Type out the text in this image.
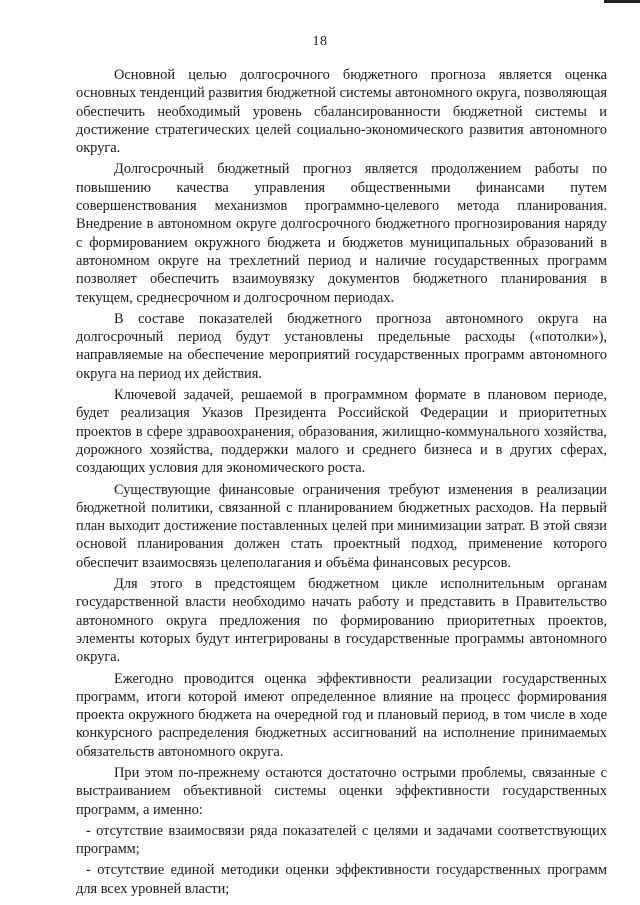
18

Основной целью долгосрочного бюджетного прогноза является оценка основных тенденций развития бюджетной системы автономного округа, позволяющая обеспечить необходимый уровень сбалансированности бюджетной системы и достижение стратегических целей социально-экономического развития автономного округа.

Долгосрочный бюджетный прогноз является продолжением работы по повышению качества управления общественными финансами путем совершенствования механизмов программно-целевого метода планирования. Внедрение в автономном округе долгосрочного бюджетного прогнозирования наряду с формированием окружного бюджета и бюджетов муниципальных образований в автономном округе на трехлетний период и наличие государственных программ позволяет обеспечить взаимоувязку документов бюджетного планирования в текущем, среднесрочном и долгосрочном периодах.

В составе показателей бюджетного прогноза автономного округа на долгосрочный период будут установлены предельные расходы («потолки»), направляемые на обеспечение мероприятий государственных программ автономного округа на период их действия.

Ключевой задачей, решаемой в программном формате в плановом периоде, будет реализация Указов Президента Российской Федерации и приоритетных проектов в сфере здравоохранения, образования, жилищно-коммунального хозяйства, дорожного хозяйства, поддержки малого и среднего бизнеса и в других сферах, создающих условия для экономического роста.

Существующие финансовые ограничения требуют изменения в реализации бюджетной политики, связанной с планированием бюджетных расходов. На первый план выходит достижение поставленных целей при минимизации затрат. В этой связи основой планирования должен стать проектный подход, применение которого обеспечит взаимосвязь целеполагания и объёма финансовых ресурсов.

Для этого в предстоящем бюджетном цикле исполнительным органам государственной власти необходимо начать работу и представить в Правительство автономного округа предложения по формированию приоритетных проектов, элементы которых будут интегрированы в государственные программы автономного округа.

Ежегодно проводится оценка эффективности реализации государственных программ, итоги которой имеют определенное влияние на процесс формирования проекта окружного бюджета на очередной год и плановый период, в том числе в ходе конкурсного распределения бюджетных ассигнований на исполнение принимаемых обязательств автономного округа.

При этом по-прежнему остаются достаточно острыми проблемы, связанные с выстраиванием объективной системы оценки эффективности государственных программ, а именно:

- отсутствие взаимосвязи ряда показателей с целями и задачами соответствующих программ;

- отсутствие единой методики оценки эффективности государственных программ для всех уровней власти;
